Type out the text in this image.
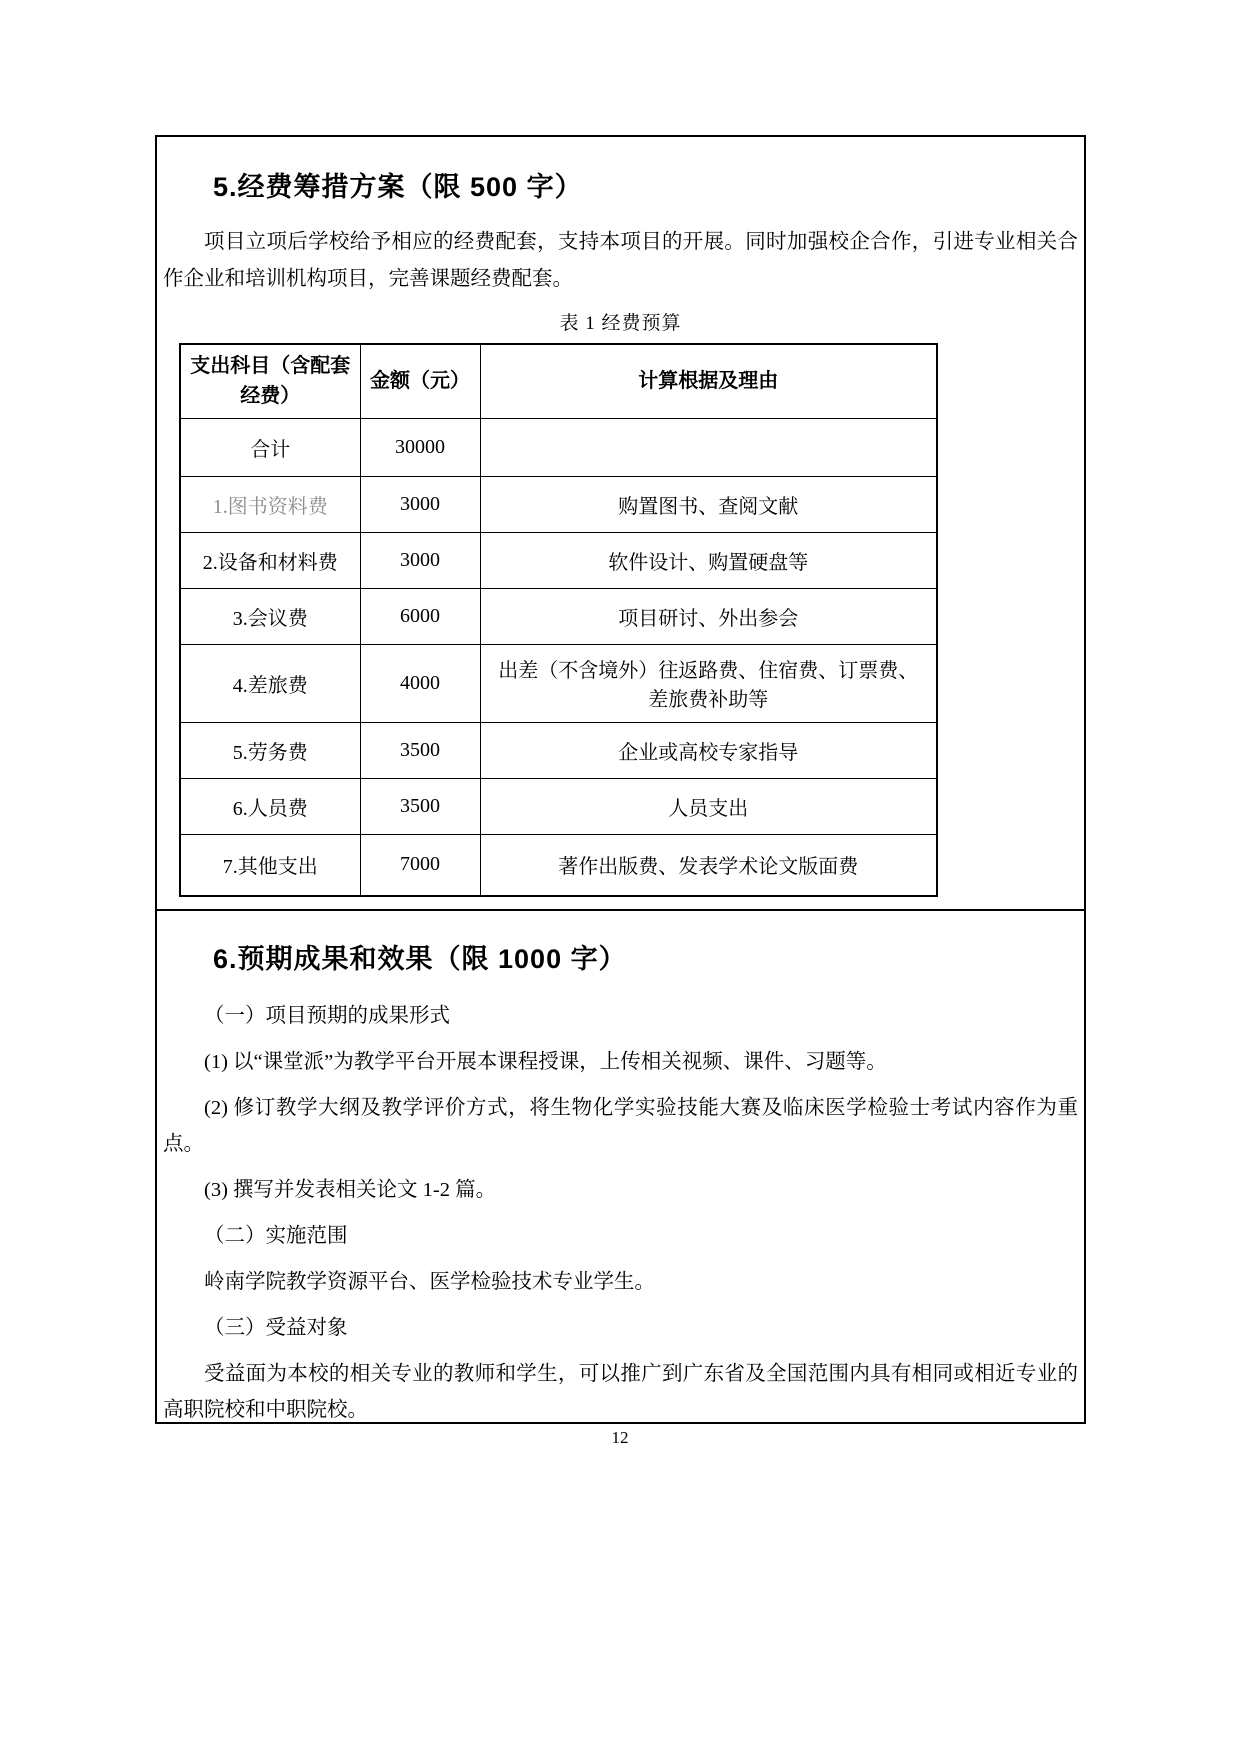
5.经费筹措方案（限 500 字）

项目立项后学校给予相应的经费配套，支持本项目的开展。同时加强校企合作，引进专业相关合作企业和培训机构项目，完善课题经费配套。

表 1 经费预算
支出科目（含配套经费）	金额（元）	计算根据及理由
合计	30000	
1.图书资料费	3000	购置图书、查阅文献
2.设备和材料费	3000	软件设计、购置硬盘等
3.会议费	6000	项目研讨、外出参会
4.差旅费	4000	出差（不含境外）往返路费、住宿费、订票费、差旅费补助等
5.劳务费	3500	企业或高校专家指导
6.人员费	3500	人员支出
7.其他支出	7000	著作出版费、发表学术论文版面费
6.预期成果和效果（限 1000 字）

（一）项目预期的成果形式

(1) 以“课堂派”为教学平台开展本课程授课，上传相关视频、课件、习题等。

(2) 修订教学大纲及教学评价方式，将生物化学实验技能大赛及临床医学检验士考试内容作为重点。

(3) 撰写并发表相关论文 1-2 篇。

（二）实施范围

岭南学院教学资源平台、医学检验技术专业学生。

（三）受益对象

受益面为本校的相关专业的教师和学生，可以推广到广东省及全国范围内具有相同或相近专业的高职院校和中职院校。

12
